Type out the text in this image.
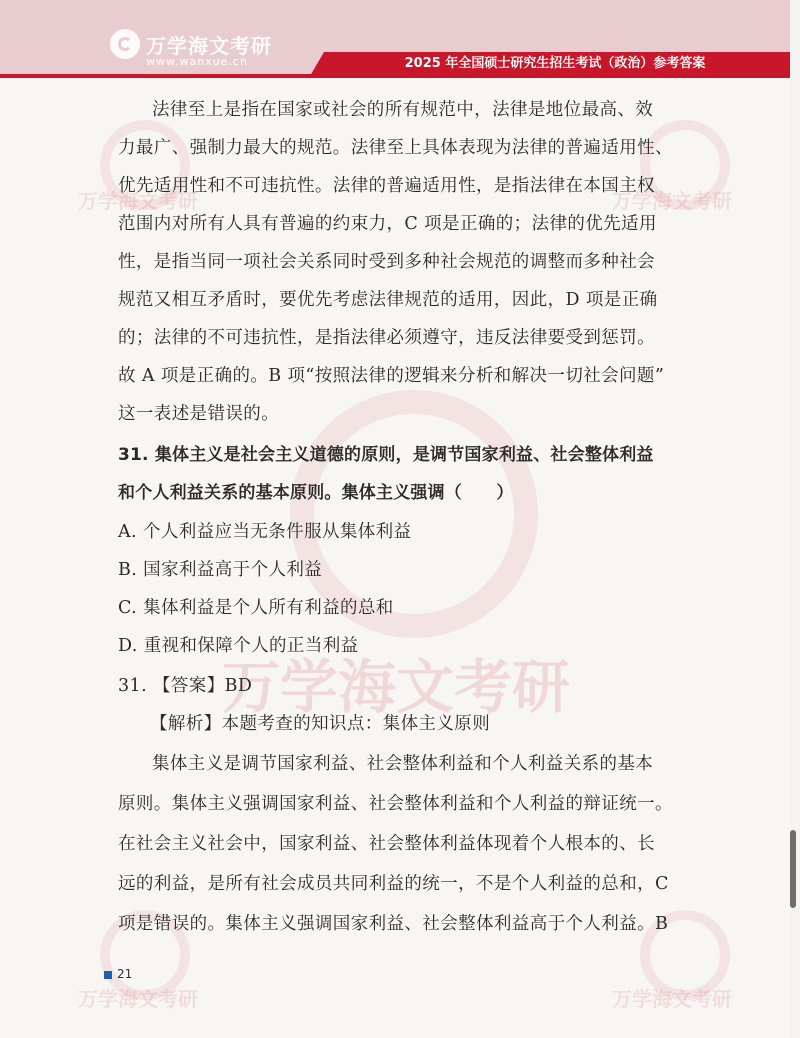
万学海文考研
万学海文考研	万学海文考研
万学海文考研	万学海文考研
万学海文考研
www.wanxue.cn	2025 年全国硕士研究生招生考试（政治）参考答案
法律至上是指在国家或社会的所有规范中，法律是地位最高、效
力最广、强制力最大的规范。法律至上具体表现为法律的普遍适用性、
优先适用性和不可违抗性。法律的普遍适用性，是指法律在本国主权
范围内对所有人具有普遍的约束力，C 项是正确的；法律的优先适用
性，是指当同一项社会关系同时受到多种社会规范的调整而多种社会
规范又相互矛盾时，要优先考虑法律规范的适用，因此，D 项是正确
的；法律的不可违抗性，是指法律必须遵守，违反法律要受到惩罚。
故 A 项是正确的。B 项“按照法律的逻辑来分析和解决一切社会问题”
这一表述是错误的。
31. 集体主义是社会主义道德的原则，是调节国家利益、社会整体利益
和个人利益关系的基本原则。集体主义强调（　　）
A. 个人利益应当无条件服从集体利益
B. 国家利益高于个人利益
C. 集体利益是个人所有利益的总和
D. 重视和保障个人的正当利益
31. 【答案】BD
【解析】本题考查的知识点：集体主义原则
集体主义是调节国家利益、社会整体利益和个人利益关系的基本
原则。集体主义强调国家利益、社会整体利益和个人利益的辩证统一。
在社会主义社会中，国家利益、社会整体利益体现着个人根本的、长
远的利益，是所有社会成员共同利益的统一，不是个人利益的总和，C
项是错误的。集体主义强调国家利益、社会整体利益高于个人利益。B
21
